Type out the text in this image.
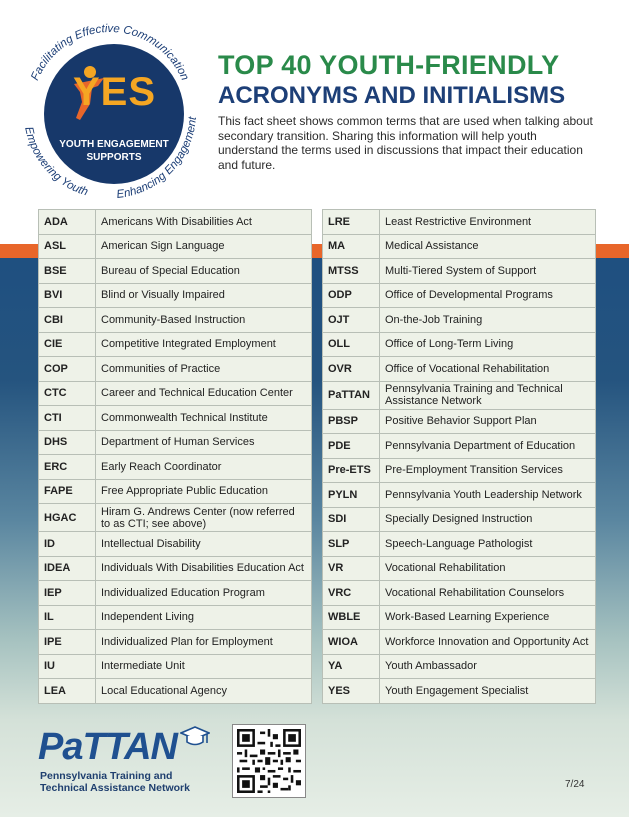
Facilitating Effective Communication
Empowering Youth Enhancing Engagement
YES
YOUTH ENGAGEMENT
SUPPORTS
TOP 40 YOUTH-FRIENDLY
ACRONYMS AND INITIALISMS
This fact sheet shows common terms that are used when talking about secondary transition. Sharing this information will help youth understand the terms used in discussions that impact their education and future.
ADA	Americans With Disabilities Act
ASL	American Sign Language
BSE	Bureau of Special Education
BVI	Blind or Visually Impaired
CBI	Community-Based Instruction
CIE	Competitive Integrated Employment
COP	Communities of Practice
CTC	Career and Technical Education Center
CTI	Commonwealth Technical Institute
DHS	Department of Human Services
ERC	Early Reach Coordinator
FAPE	Free Appropriate Public Education
HGAC	Hiram G. Andrews Center (now referred to as CTI; see above)
ID	Intellectual Disability
IDEA	Individuals With Disabilities Education Act
IEP	Individualized Education Program
IL	Independent Living
IPE	Individualized Plan for Employment
IU	Intermediate Unit
LEA	Local Educational Agency
LRE	Least Restrictive Environment
MA	Medical Assistance
MTSS	Multi-Tiered System of Support
ODP	Office of Developmental Programs
OJT	On-the-Job Training
OLL	Office of Long-Term Living
OVR	Office of Vocational Rehabilitation
PaTTAN	Pennsylvania Training and Technical Assistance Network
PBSP	Positive Behavior Support Plan
PDE	Pennsylvania Department of Education
Pre-ETS	Pre-Employment Transition Services
PYLN	Pennsylvania Youth Leadership Network
SDI	Specially Designed Instruction
SLP	Speech-Language Pathologist
VR	Vocational Rehabilitation
VRC	Vocational Rehabilitation Counselors
WBLE	Work-Based Learning Experience
WIOA	Workforce Innovation and Opportunity Act
YA	Youth Ambassador
YES	Youth Engagement Specialist
PaTTAN
Pennsylvania Training and
Technical Assistance Network	7/24
